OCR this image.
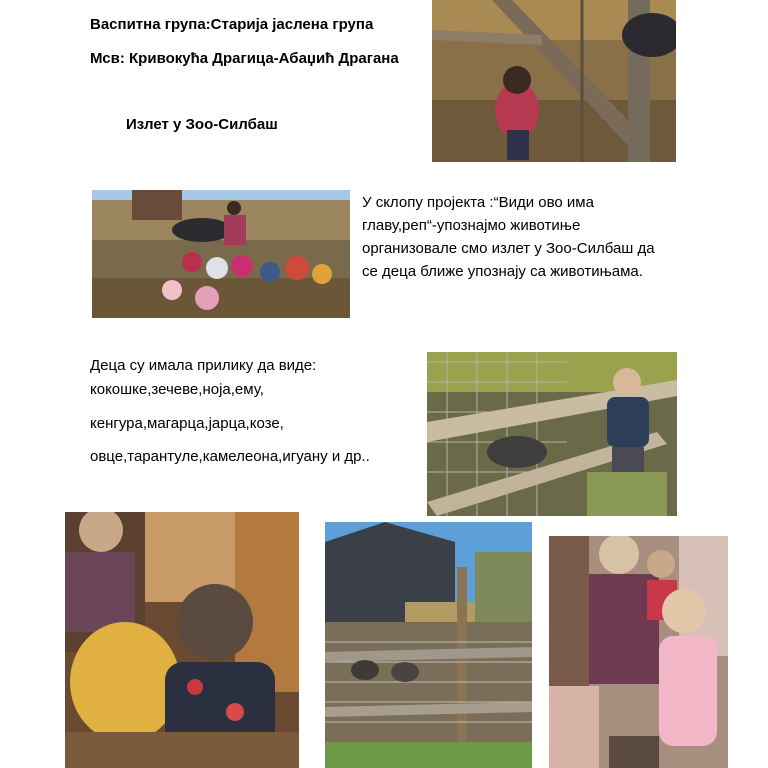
Васпитна група:Старија јаслена група
Мсв: Кривокућа Драгица-Абаџић Драгана
Излет у Зоо-Силбаш
У склопу пројекта :“Види ово има
главу,реп“-упознајмо животиње
организовале смо излет у Зоо-Силбаш да
се деца ближе упознају са животињама.
Деца су имала прилику да виде:
кокошке,зечеве,ноја,ему,
кенгура,магарца,јарца,козе,
овце,тарантуле,камелеона,игуану и др..
